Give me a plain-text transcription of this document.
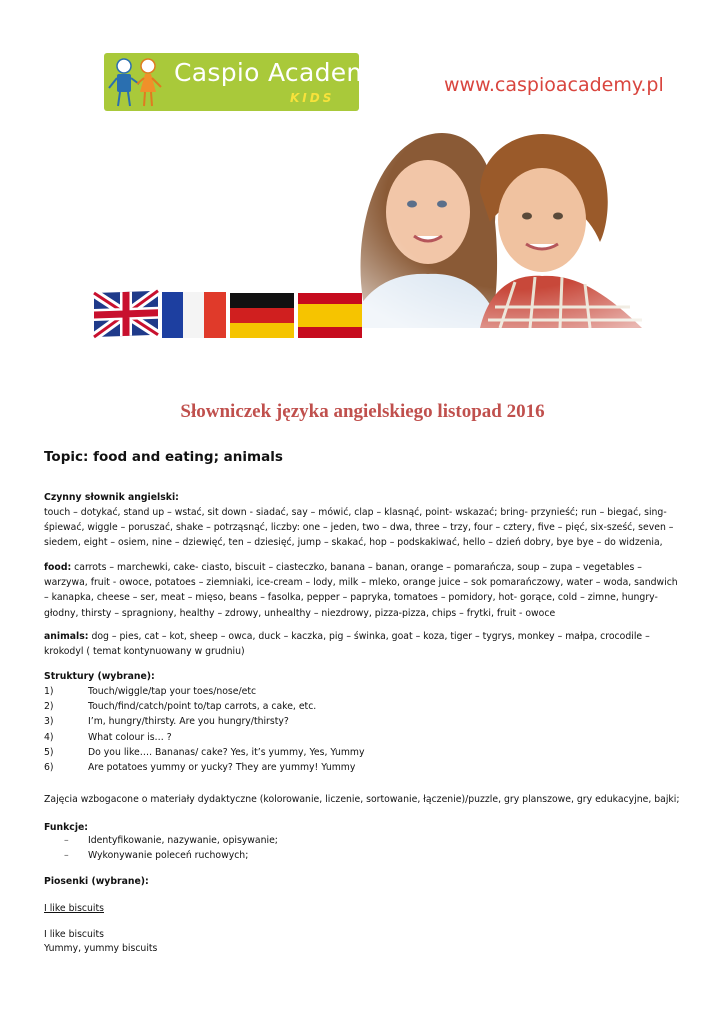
Caspio Academy
KIDS
www.caspioacademy.pl
Słowniczek języka angielskiego listopad 2016
Topic: food and eating; animals
Czynny słownik angielski:
touch – dotykać, stand up – wstać, sit down - siadać, say – mówić, clap – klasnąć, point- wskazać; bring- przynieść; run – biegać, sing- śpiewać, wiggle – poruszać, shake – potrząsnąć, liczby: one – jeden, two – dwa, three – trzy, four – cztery, five – pięć, six-sześć, seven – siedem, eight – osiem, nine – dziewięć, ten – dziesięć, jump – skakać, hop – podskakiwać, hello – dzień dobry, bye bye – do widzenia,
food: carrots – marchewki, cake- ciasto, biscuit – ciasteczko, banana – banan, orange – pomarańcza, soup – zupa – vegetables – warzywa, fruit - owoce, potatoes – ziemniaki, ice-cream – lody, milk – mleko, orange juice – sok pomarańczowy, water – woda, sandwich – kanapka, cheese – ser, meat – mięso, beans – fasolka, pepper – papryka, tomatoes – pomidory, hot- gorące, cold – zimne, hungry- głodny, thirsty – spragniony, healthy – zdrowy, unhealthy – niezdrowy, pizza-pizza, chips – frytki, fruit - owoce
animals: dog – pies, cat – kot, sheep – owca, duck – kaczka, pig – świnka, goat – koza, tiger – tygrys, monkey – małpa, crocodile – krokodyl ( temat kontynuowany w grudniu)
Struktury (wybrane):
1)	Touch/wiggle/tap your toes/nose/etc
2)	Touch/find/catch/point to/tap carrots, a cake, etc.
3)	I’m, hungry/thirsty. Are you hungry/thirsty?
4)	What colour is… ?
5)	Do you like…. Bananas/ cake? Yes, it’s yummy, Yes, Yummy
6)	Are potatoes yummy or yucky? They are yummy! Yummy
Zajęcia wzbogacone o materiały dydaktyczne (kolorowanie, liczenie, sortowanie, łączenie)/puzzle, gry planszowe, gry edukacyjne, bajki;
Funkcje:
– Identyfikowanie, nazywanie, opisywanie;
– Wykonywanie poleceń ruchowych;
Piosenki (wybrane):
I like biscuits
I like biscuits
Yummy, yummy biscuits
